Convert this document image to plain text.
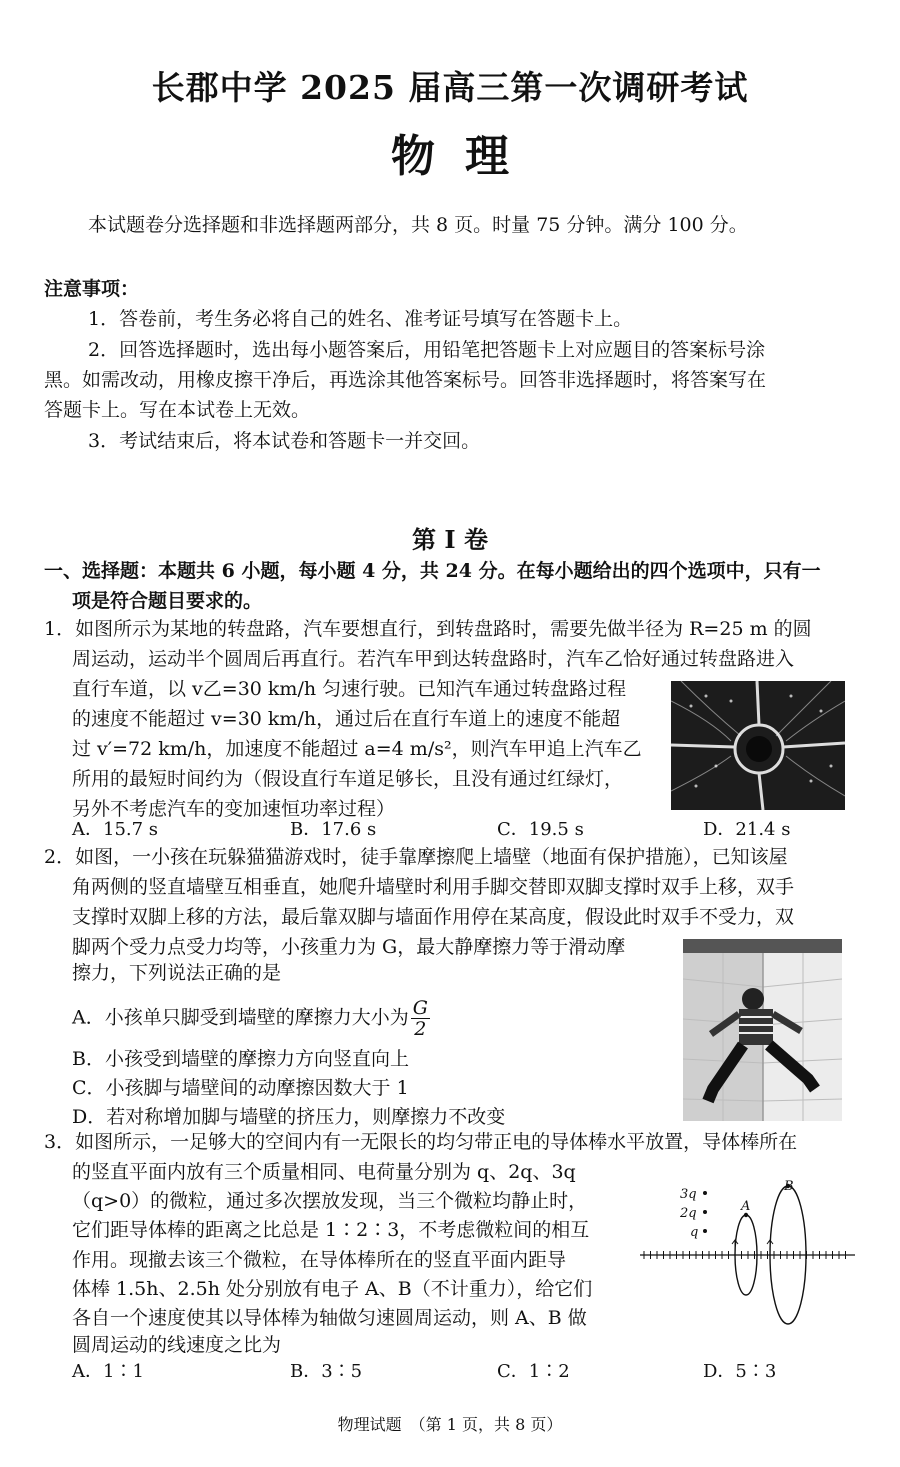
长郡中学 2025 届高三第一次调研考试
物理
本试题卷分选择题和非选择题两部分，共 8 页。时量 75 分钟。满分 100 分。
注意事项：
1．答卷前，考生务必将自己的姓名、准考证号填写在答题卡上。
2．回答选择题时，选出每小题答案后，用铅笔把答题卡上对应题目的答案标号涂
黑。如需改动，用橡皮擦干净后，再选涂其他答案标号。回答非选择题时，将答案写在
答题卡上。写在本试卷上无效。
3．考试结束后，将本试卷和答题卡一并交回。
第 I 卷
一、选择题：本题共 6 小题，每小题 4 分，共 24 分。在每小题给出的四个选项中，只有一
项是符合题目要求的。
1．如图所示为某地的转盘路，汽车要想直行，到转盘路时，需要先做半径为 R=25 m 的圆
周运动，运动半个圆周后再直行。若汽车甲到达转盘路时，汽车乙恰好通过转盘路进入
直行车道，以 v乙=30 km/h 匀速行驶。已知汽车通过转盘路过程
的速度不能超过 v=30 km/h，通过后在直行车道上的速度不能超
过 v′=72 km/h，加速度不能超过 a=4 m/s²，则汽车甲追上汽车乙
所用的最短时间约为（假设直行车道足够长，且没有通过红绿灯，
另外不考虑汽车的变加速恒功率过程）
A．15.7 s	B．17.6 s	C．19.5 s	D．21.4 s
2．如图，一小孩在玩躲猫猫游戏时，徒手靠摩擦爬上墙壁（地面有保护措施），已知该屋
角两侧的竖直墙壁互相垂直，她爬升墙壁时利用手脚交替即双脚支撑时双手上移，双手
支撑时双脚上移的方法，最后靠双脚与墙面作用停在某高度，假设此时双手不受力，双
脚两个受力点受力均等，小孩重力为 G，最大静摩擦力等于滑动摩
擦力，下列说法正确的是
A．小孩单只脚受到墙壁的摩擦力大小为 $\frac{G}{2}$
B．小孩受到墙壁的摩擦力方向竖直向上
C．小孩脚与墙壁间的动摩擦因数大于 1
D．若对称增加脚与墙壁的挤压力，则摩擦力不改变
3．如图所示，一足够大的空间内有一无限长的均匀带正电的导体棒水平放置，导体棒所在
的竖直平面内放有三个质量相同、电荷量分别为 q、2q、3q
（q>0）的微粒，通过多次摆放发现，当三个微粒均静止时，
它们距导体棒的距离之比总是 1∶2∶3，不考虑微粒间的相互
作用。现撤去该三个微粒，在导体棒所在的竖直平面内距导
体棒 1.5h、2.5h 处分别放有电子 A、B（不计重力），给它们
各自一个速度使其以导体棒为轴做匀速圆周运动，则 A、B 做
圆周运动的线速度之比为
3q
2q
q
A
B
A．1∶1	B．3∶5	C．1∶2	D．5∶3
物理试题　（第 1 页，共 8 页）
